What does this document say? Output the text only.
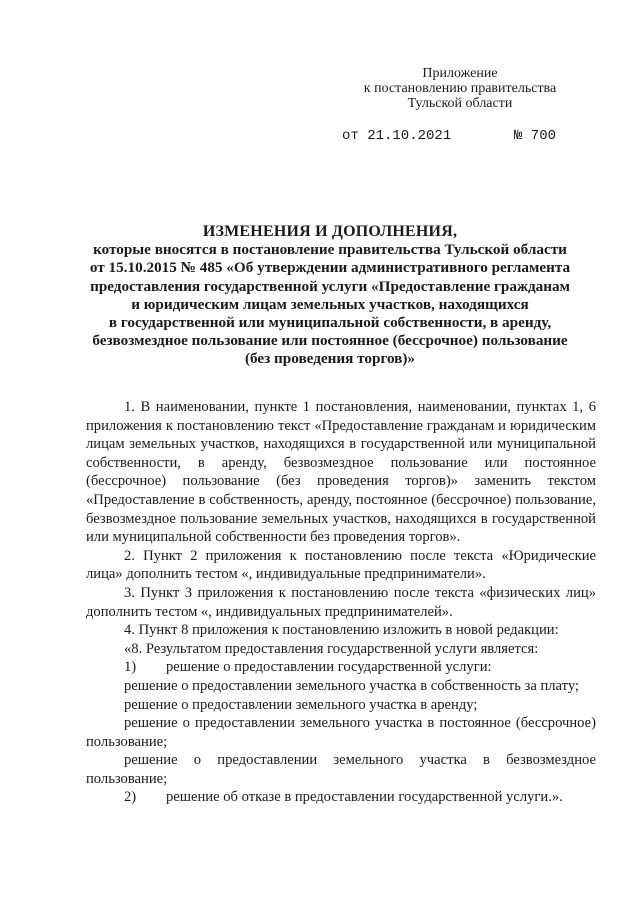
Приложение
к постановлению правительства
Тульской области
от 21.10.2021	№ 700
ИЗМЕНЕНИЯ И ДОПОЛНЕНИЯ,
которые вносятся в постановление правительства Тульской области
от 15.10.2015 № 485 «Об утверждении административного регламента
предоставления государственной услуги «Предоставление гражданам
и юридическим лицам земельных участков, находящихся
в государственной или муниципальной собственности, в аренду,
безвозмездное пользование или постоянное (бессрочное) пользование
(без проведения торгов)»

1. В наименовании, пункте 1 постановления, наименовании, пунктах 1, 6 приложения к постановлению текст «Предоставление гражданам и юридическим лицам земельных участков, находящихся в государственной или муниципальной собственности, в аренду, безвозмездное пользование или постоянное (бессрочное) пользование (без проведения торгов)» заменить текстом «Предоставление в собственность, аренду, постоянное (бессрочное) пользование, безвозмездное пользование земельных участков, находящихся в государственной или муниципальной собственности без проведения торгов».

2. Пункт 2 приложения к постановлению после текста «Юридические лица» дополнить тестом «, индивидуальные предприниматели».

3. Пункт 3 приложения к постановлению после текста «физических лиц» дополнить тестом «, индивидуальных предпринимателей».

4. Пункт 8 приложения к постановлению изложить в новой редакции:

«8. Результатом предоставления государственной услуги является:

1) решение о предоставлении государственной услуги:

решение о предоставлении земельного участка в собственность за плату;

решение о предоставлении земельного участка в аренду;

решение о предоставлении земельного участка в постоянное (бессрочное) пользование;

решение о предоставлении земельного участка в безвозмездное пользование;

2) решение об отказе в предоставлении государственной услуги.».
